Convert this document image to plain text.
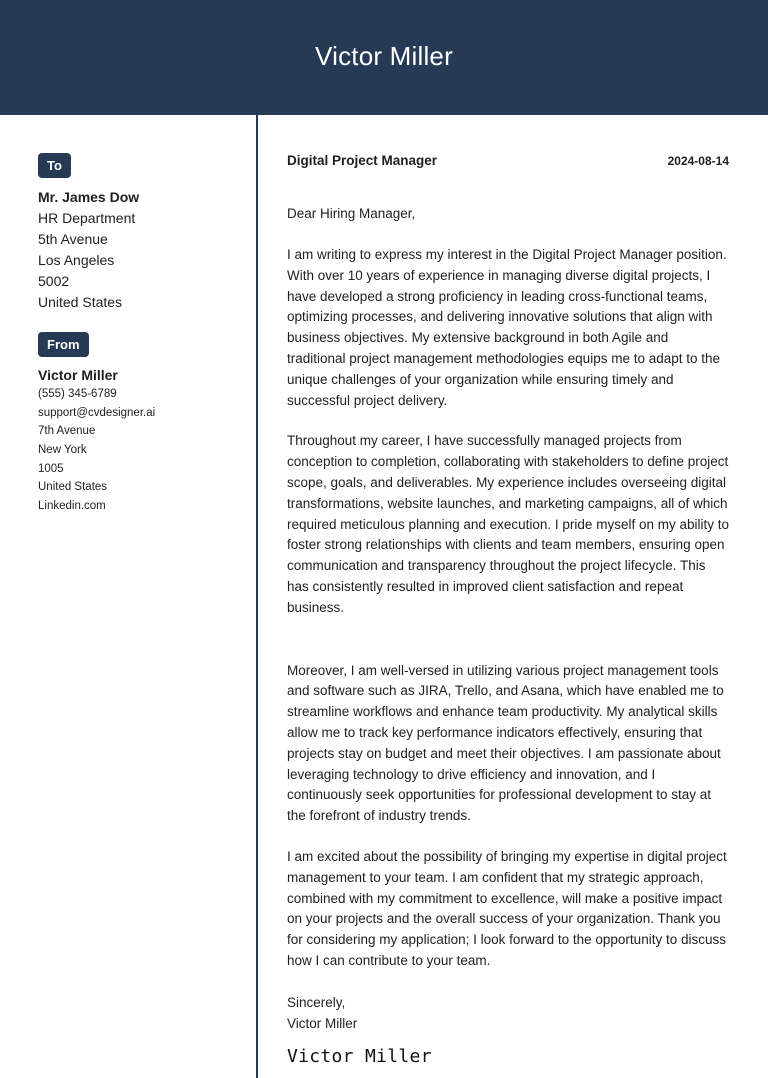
Victor Miller
To
Mr. James Dow
HR Department
5th Avenue
Los Angeles
5002
United States
From
Victor Miller
(555) 345-6789
support@cvdesigner.ai
7th Avenue
New York
1005
United States
Linkedin.com
Digital Project Manager	2024-08-14
Dear Hiring Manager,

I am writing to express my interest in the Digital Project Manager position. With over 10 years of experience in managing diverse digital projects, I have developed a strong proficiency in leading cross-functional teams, optimizing processes, and delivering innovative solutions that align with business objectives. My extensive background in both Agile and traditional project management methodologies equips me to adapt to the unique challenges of your organization while ensuring timely and successful project delivery.

Throughout my career, I have successfully managed projects from conception to completion, collaborating with stakeholders to define project scope, goals, and deliverables. My experience includes overseeing digital transformations, website launches, and marketing campaigns, all of which required meticulous planning and execution. I pride myself on my ability to foster strong relationships with clients and team members, ensuring open communication and transparency throughout the project lifecycle. This has consistently resulted in improved client satisfaction and repeat business.

Moreover, I am well-versed in utilizing various project management tools and software such as JIRA, Trello, and Asana, which have enabled me to streamline workflows and enhance team productivity. My analytical skills allow me to track key performance indicators effectively, ensuring that projects stay on budget and meet their objectives. I am passionate about leveraging technology to drive efficiency and innovation, and I continuously seek opportunities for professional development to stay at the forefront of industry trends.

I am excited about the possibility of bringing my expertise in digital project management to your team. I am confident that my strategic approach, combined with my commitment to excellence, will make a positive impact on your projects and the overall success of your organization. Thank you for considering my application; I look forward to the opportunity to discuss how I can contribute to your team.

Sincerely,
Victor Miller
Victor Miller
